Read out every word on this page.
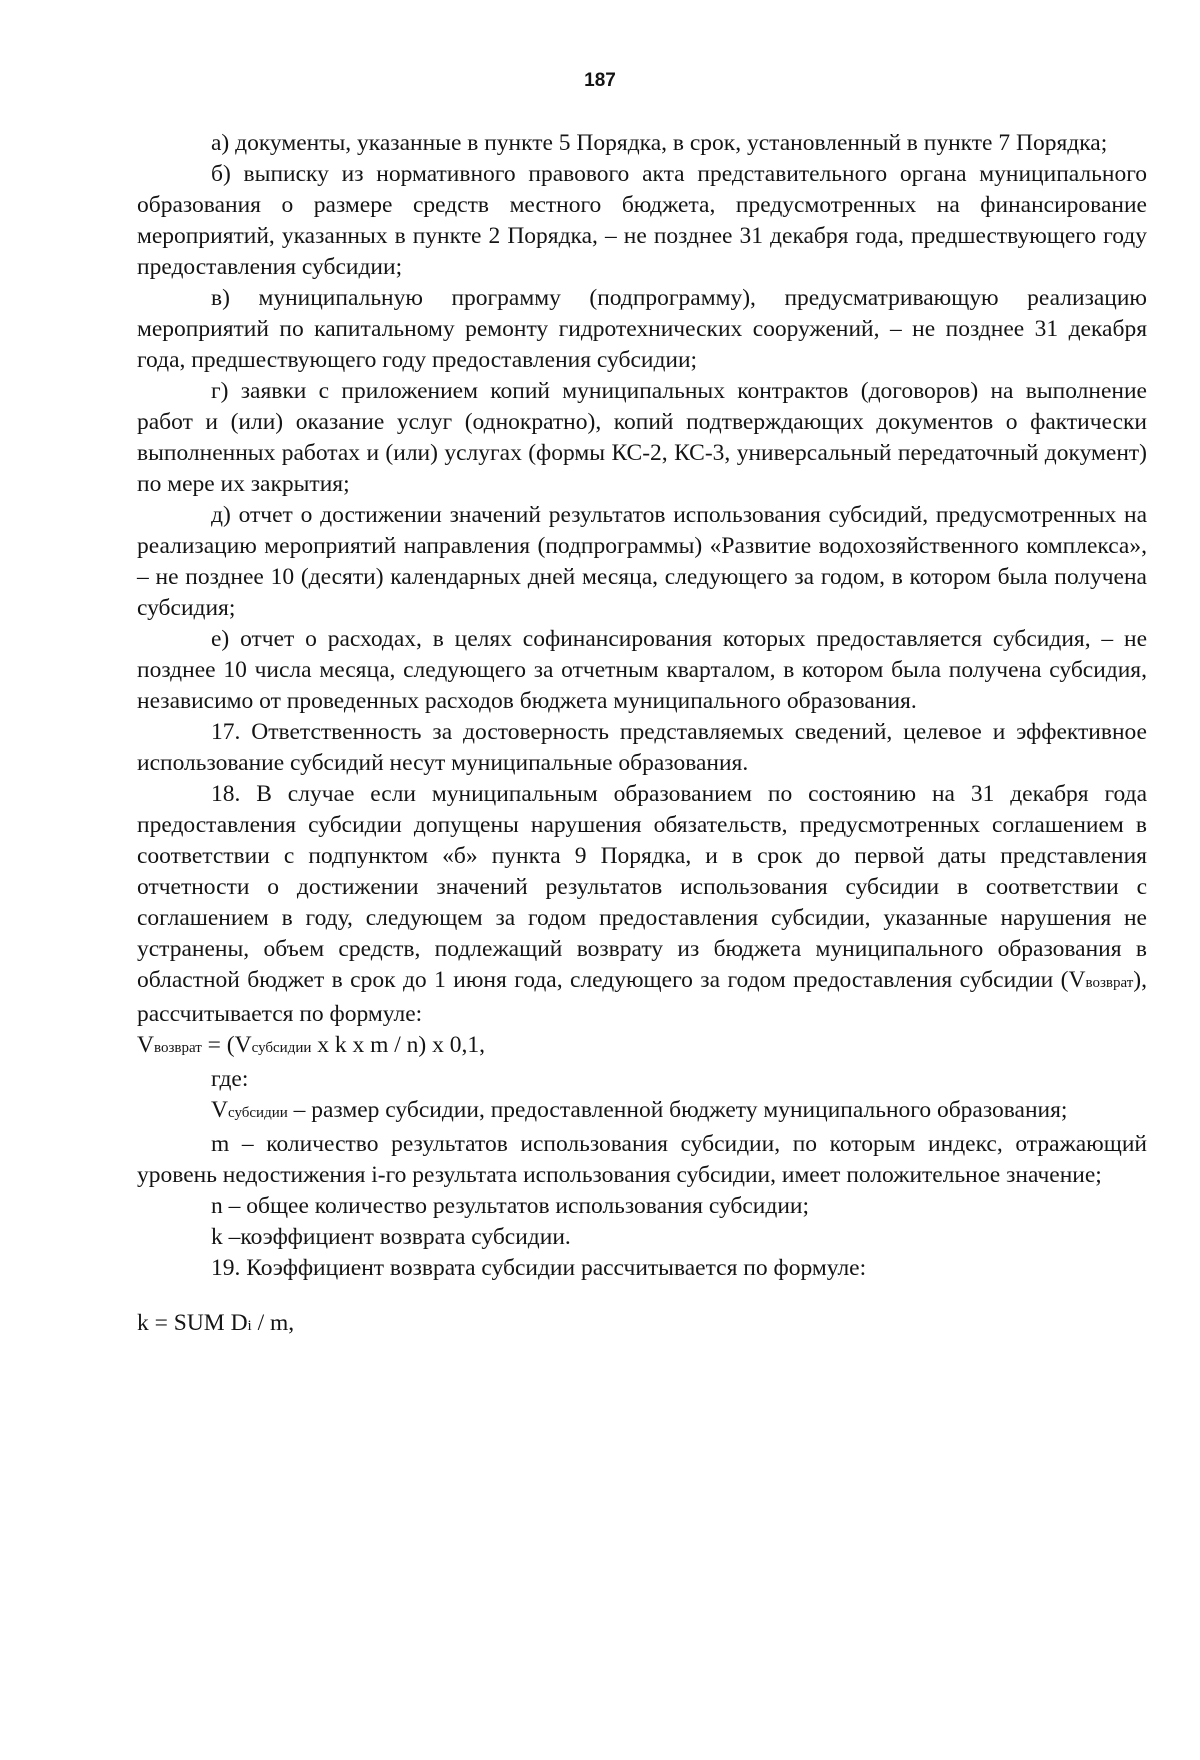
187

а) документы, указанные в пункте 5 Порядка, в срок, установленный в пункте 7 Порядка;

б) выписку из нормативного правового акта представительного органа муниципального образования о размере средств местного бюджета, предусмотренных на финансирование мероприятий, указанных в пункте 2 Порядка, – не позднее 31 декабря года, предшествующего году предоставления субсидии;

в) муниципальную программу (подпрограмму), предусматривающую реализацию мероприятий по капитальному ремонту гидротехнических сооружений, – не позднее 31 декабря года, предшествующего году предоставления субсидии;

г) заявки с приложением копий муниципальных контрактов (договоров) на выполнение работ и (или) оказание услуг (однократно), копий подтверждающих документов о фактически выполненных работах и (или) услугах (формы КС-2, КС-3, универсальный передаточный документ) по мере их закрытия;

д) отчет о достижении значений результатов использования субсидий, предусмотренных на реализацию мероприятий направления (подпрограммы) «Развитие водохозяйственного комплекса», – не позднее 10 (десяти) календарных дней месяца, следующего за годом, в котором была получена субсидия;

е) отчет о расходах, в целях софинансирования которых предоставляется субсидия, – не позднее 10 числа месяца, следующего за отчетным кварталом, в котором была получена субсидия, независимо от проведенных расходов бюджета муниципального образования.

17. Ответственность за достоверность представляемых сведений, целевое и эффективное использование субсидий несут муниципальные образования.

18. В случае если муниципальным образованием по состоянию на 31 декабря года предоставления субсидии допущены нарушения обязательств, предусмотренных соглашением в соответствии с подпунктом «б» пункта 9 Порядка, и в срок до первой даты представления отчетности о достижении значений результатов использования субсидии в соответствии с соглашением в году, следующем за годом предоставления субсидии, указанные нарушения не устранены, объем средств, подлежащий возврату из бюджета муниципального образования в областной бюджет в срок до 1 июня года, следующего за годом предоставления субсидии (Vвозврат), рассчитывается по формуле:

Vвозврат = (Vсубсидии x k x m / n) x 0,1,

где:

Vсубсидии – размер субсидии, предоставленной бюджету муниципального образования;

m – количество результатов использования субсидии, по которым индекс, отражающий уровень недостижения i-го результата использования субсидии, имеет положительное значение;

n – общее количество результатов использования субсидии;

k –коэффициент возврата субсидии.

19. Коэффициент возврата субсидии рассчитывается по формуле:

k = SUM Di / m,
